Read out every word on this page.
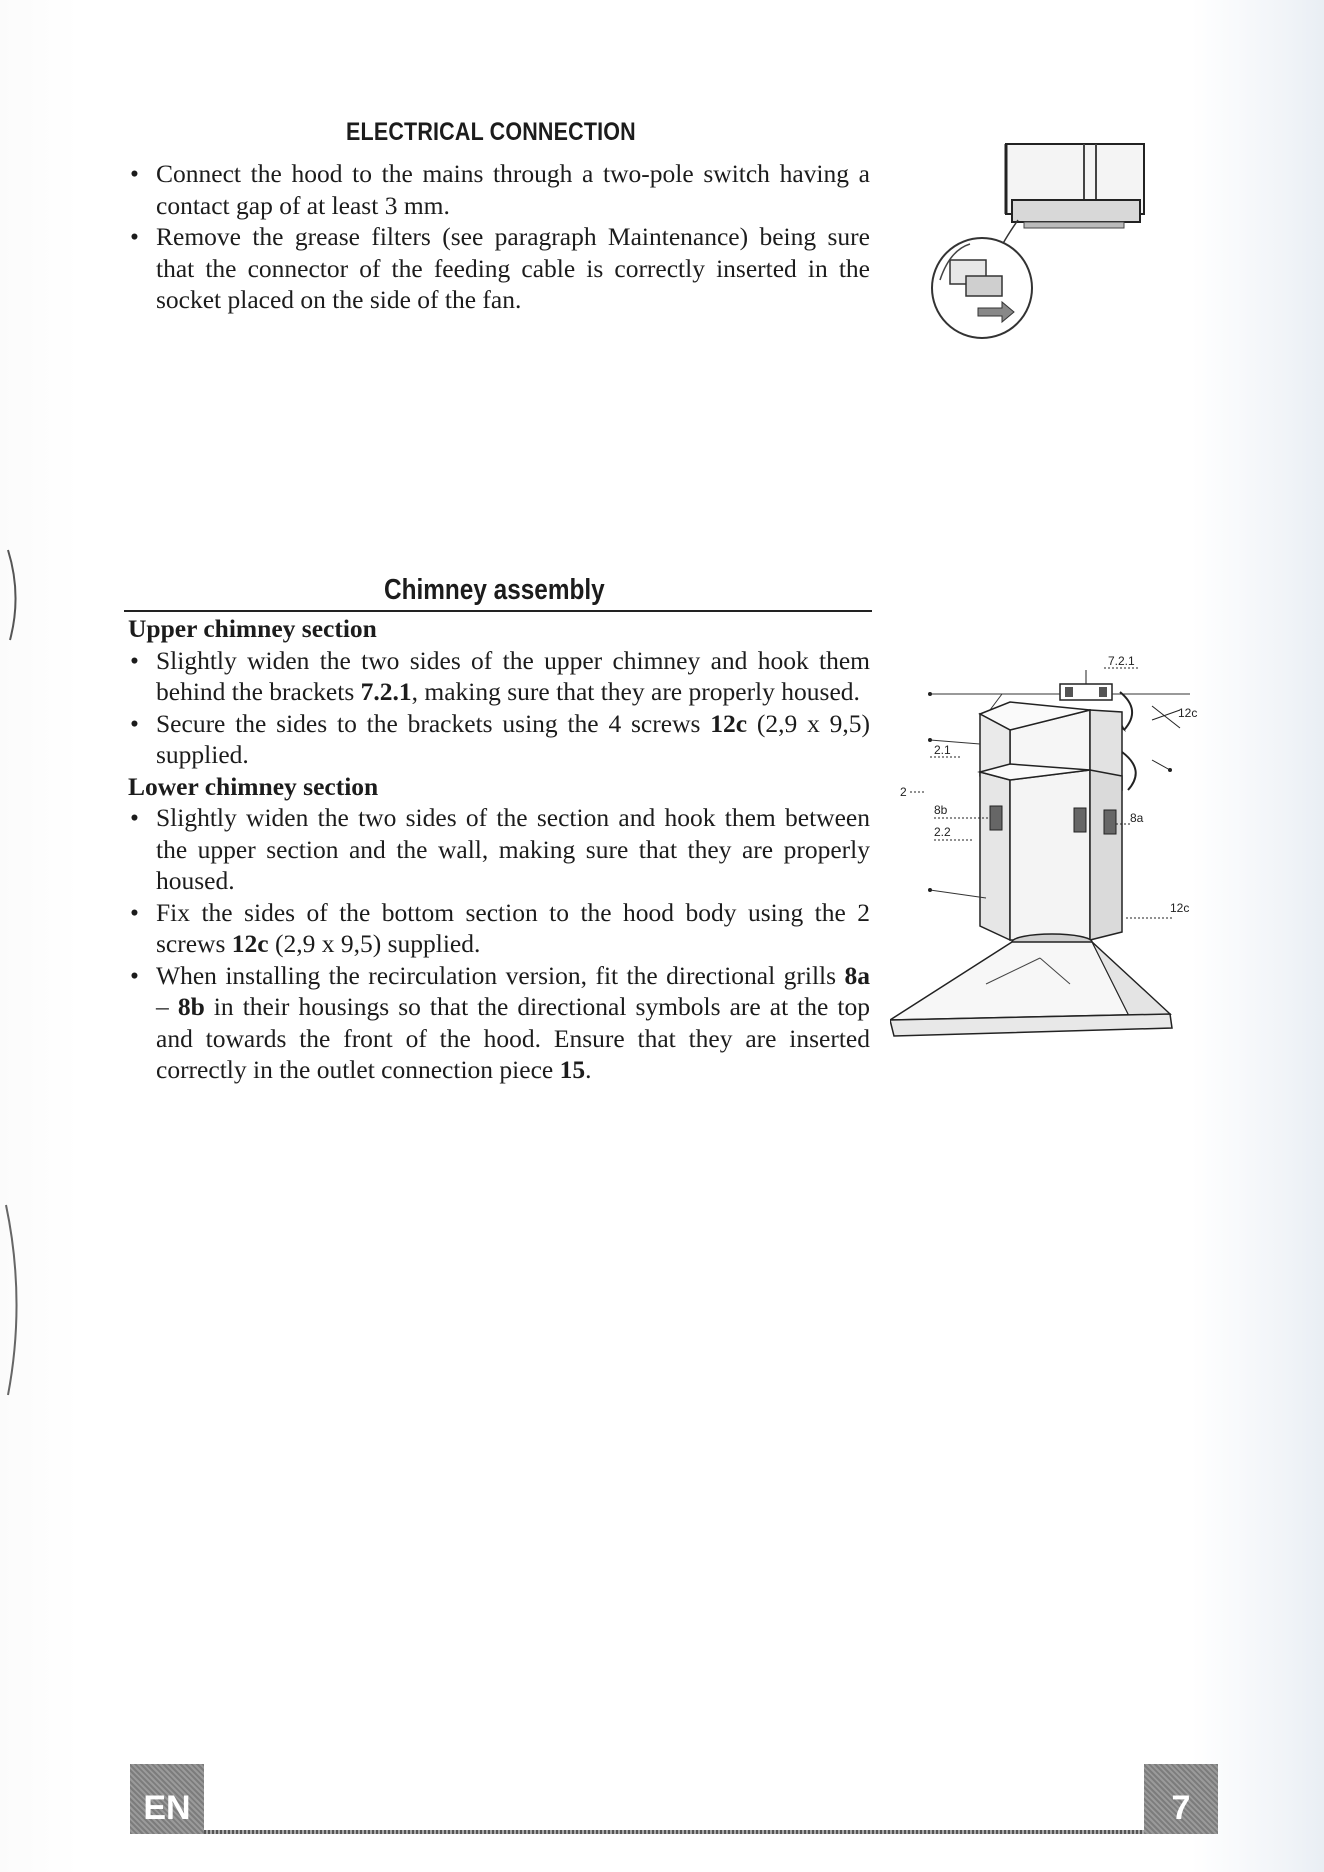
ELECTRICAL CONNECTION
• Connect the hood to the mains through a two-pole switch having a contact gap of at least 3 mm.
• Remove the grease filters (see paragraph Maintenance) being sure that the connector of the feeding cable is correctly inserted in the socket placed on the side of the fan.
Chimney assembly
Upper chimney section
• Slightly widen the two sides of the upper chimney and hook them behind the brackets 7.2.1, making sure that they are properly housed.
• Secure the sides to the brackets using the 4 screws 12c (2,9 x 9,5) supplied.
Lower chimney section
• Slightly widen the two sides of the section and hook them between the upper section and the wall, making sure that they are properly housed.
• Fix the sides of the bottom section to the hood body using the 2 screws 12c (2,9 x 9,5) supplied.
• When installing the recirculation version, fit the directional grills 8a – 8b in their housings so that the directional symbols are at the top and towards the front of the hood. Ensure that they are inserted correctly in the outlet connection piece 15.
7.2.1
12c
2.1
2
8b
2.2
8a
12c
EN	7
